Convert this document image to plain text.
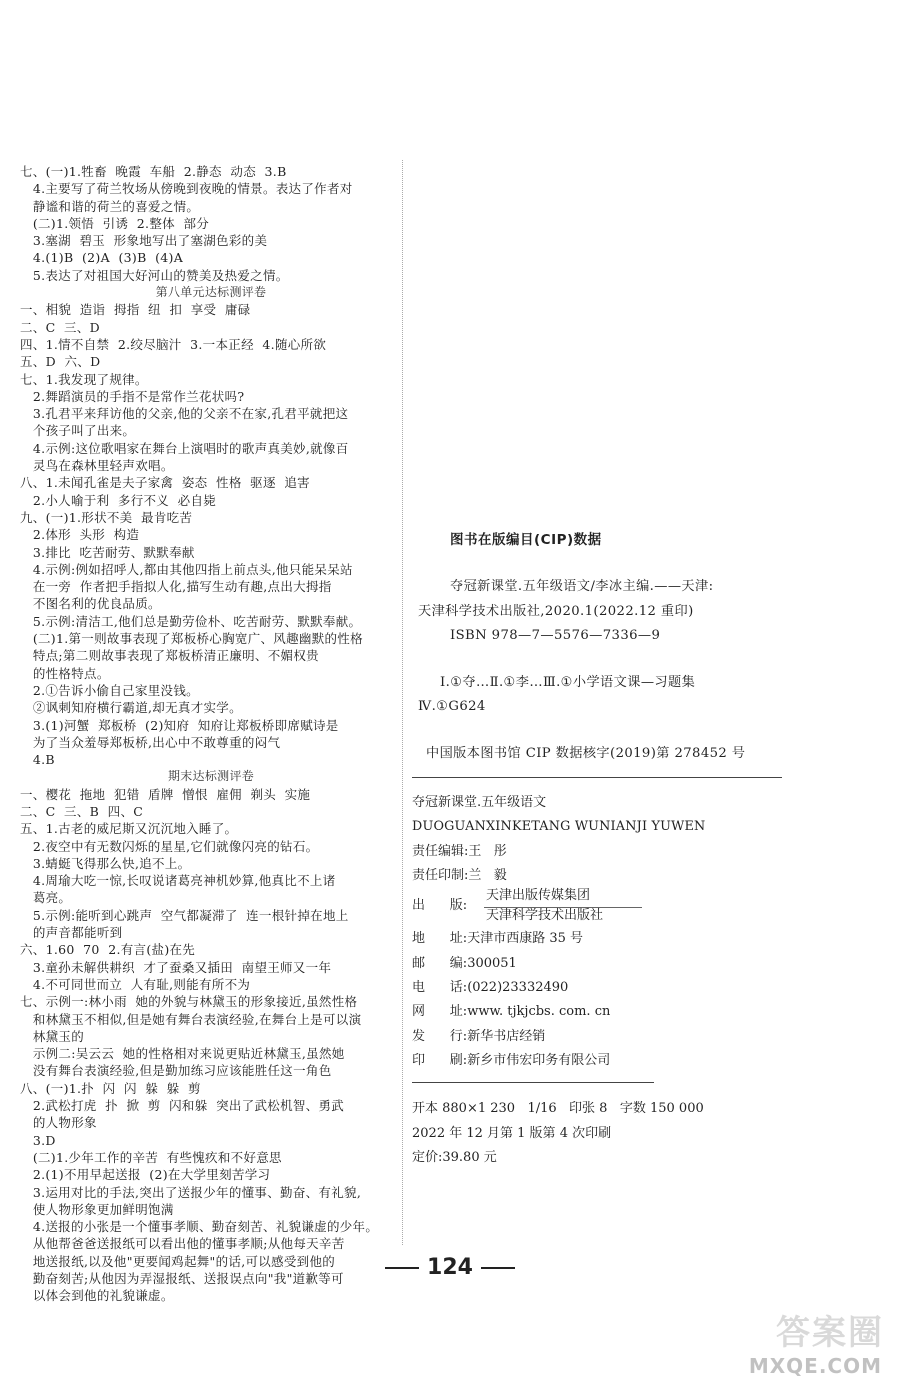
七、(一)1.牲畜  晚霞  车船  2.静态  动态  3.B
4.主要写了荷兰牧场从傍晚到夜晚的情景。表达了作者对
静谧和谐的荷兰的喜爱之情。
(二)1.领悟  引诱  2.整体  部分
3.塞湖  碧玉  形象地写出了塞湖色彩的美
4.(1)B  (2)A  (3)B  (4)A
5.表达了对祖国大好河山的赞美及热爱之情。
第八单元达标测评卷
一、相貌  造诣  拇指  纽  扣  享受  庸碌
二、C  三、D
四、1.情不自禁  2.绞尽脑汁  3.一本正经  4.随心所欲
五、D  六、D
七、1.我发现了规律。
2.舞蹈演员的手指不是常作兰花状吗?
3.孔君平来拜访他的父亲,他的父亲不在家,孔君平就把这
个孩子叫了出来。
4.示例:这位歌唱家在舞台上演唱时的歌声真美妙,就像百
灵鸟在森林里轻声欢唱。
八、1.未闻孔雀是夫子家禽  姿态  性格  驱逐  追害
2.小人喻于利  多行不义  必自毙
九、(一)1.形状不美  最肯吃苦
2.体形  头形  构造
3.排比  吃苦耐劳、默默奉献
4.示例:例如招呼人,都由其他四指上前点头,他只能呆呆站
在一旁  作者把手指拟人化,描写生动有趣,点出大拇指
不图名利的优良品质。
5.示例:清洁工,他们总是勤劳俭朴、吃苦耐劳、默默奉献。
(二)1.第一则故事表现了郑板桥心胸宽广、风趣幽默的性格
特点;第二则故事表现了郑板桥清正廉明、不媚权贵
的性格特点。
2.①告诉小偷自己家里没钱。
②讽刺知府横行霸道,却无真才实学。
3.(1)河蟹  郑板桥  (2)知府  知府让郑板桥即席赋诗是
为了当众羞辱郑板桥,出心中不敢尊重的闷气
4.B
期末达标测评卷
一、樱花  拖地  犯错  盾牌  憎恨  雇佣  剃头  实施
二、C  三、B  四、C
五、1.古老的威尼斯又沉沉地入睡了。
2.夜空中有无数闪烁的星星,它们就像闪亮的钻石。
3.蜻蜓飞得那么快,追不上。
4.周瑜大吃一惊,长叹说诸葛亮神机妙算,他真比不上诸
葛亮。
5.示例:能听到心跳声  空气都凝滞了  连一根针掉在地上
的声音都能听到
六、1.60  70  2.有言(盐)在先
3.童孙未解供耕织  才了蚕桑又插田  南望王师又一年
4.不可同世而立  人有耻,则能有所不为
七、示例一:林小雨  她的外貌与林黛玉的形象接近,虽然性格
和林黛玉不相似,但是她有舞台表演经验,在舞台上是可以演
林黛玉的
示例二:吴云云  她的性格相对来说更贴近林黛玉,虽然她
没有舞台表演经验,但是勤加练习应该能胜任这一角色
八、(一)1.扑  闪  闪  躲  躲  剪
2.武松打虎  扑  掀  剪  闪和躲  突出了武松机智、勇武
的人物形象
3.D
(二)1.少年工作的辛苦  有些愧疚和不好意思
2.(1)不用早起送报  (2)在大学里刻苦学习
3.运用对比的手法,突出了送报少年的懂事、勤奋、有礼貌,
使人物形象更加鲜明饱满
4.送报的小张是一个懂事孝顺、勤奋刻苦、礼貌谦虚的少年。
从他帮爸爸送报纸可以看出他的懂事孝顺;从他每天辛苦
地送报纸,以及他"更要闻鸡起舞"的话,可以感受到他的
勤奋刻苦;从他因为弄湿报纸、送报误点向"我"道歉等可
以体会到他的礼貌谦虚。
图书在版编目(CIP)数据
夺冠新课堂.五年级语文/李冰主编.——天津:
天津科学技术出版社,2020.1(2022.12 重印)
ISBN 978—7—5576—7336—9
Ⅰ.①夺…Ⅱ.①李…Ⅲ.①小学语文课—习题集
Ⅳ.①G624
中国版本图书馆 CIP 数据核字(2019)第 278452 号
夺冠新课堂.五年级语文
DUOGUANXINKETANG WUNIANJI YUWEN
责任编辑:王   彤
责任印制:兰   毅
出      版:
天津出版传媒集团
天津科学技术出版社
地      址:天津市西康路 35 号
邮      编:300051
电      话:(022)23332490
网      址:www. tjkjcbs. com. cn
发      行:新华书店经销
印      刷:新乡市伟宏印务有限公司
开本 880×1 230   1/16   印张 8   字数 150 000
2022 年 12 月第 1 版第 4 次印刷
定价:39.80 元
124
答案圈
MXQE.COM
